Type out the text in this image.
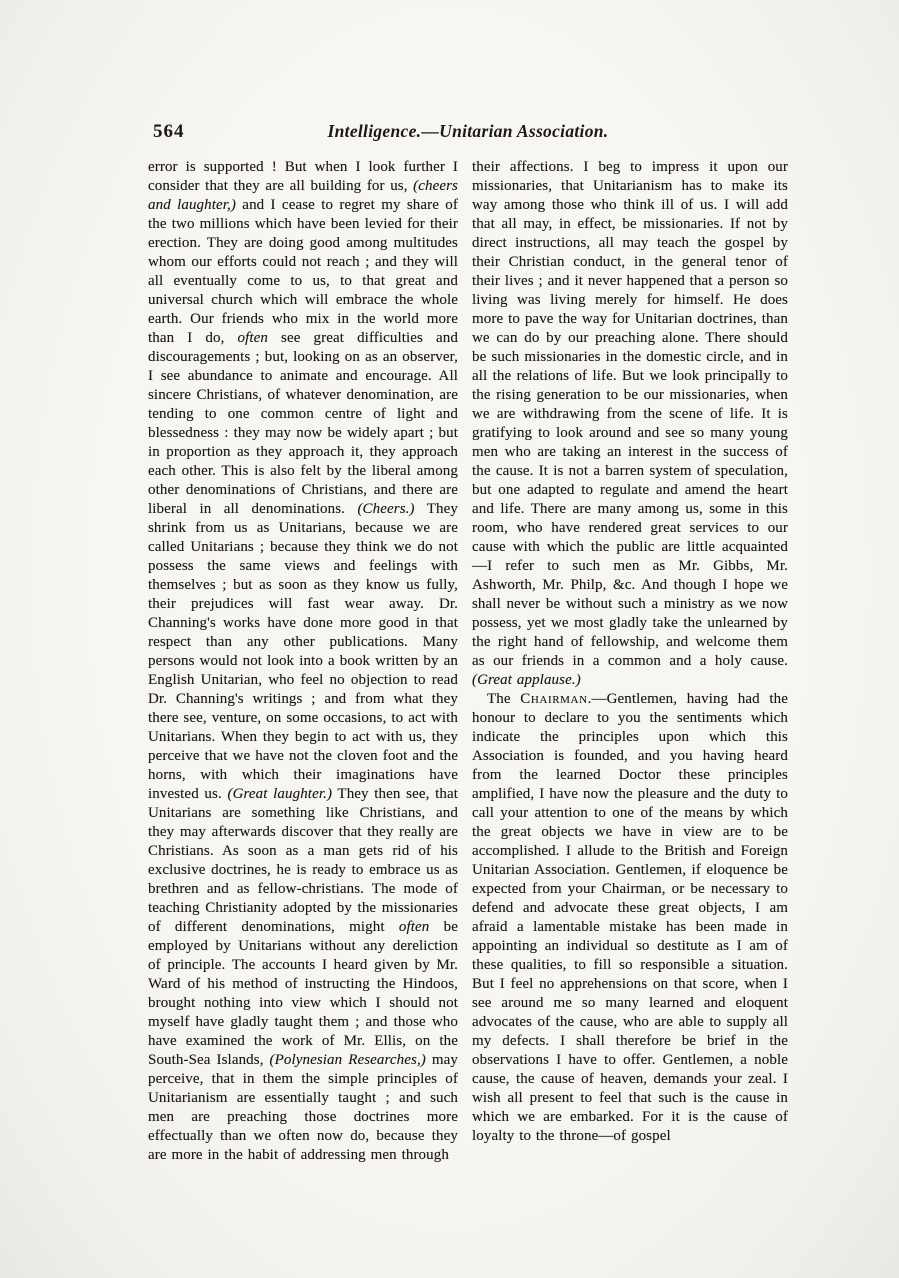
564	Intelligence.—Unitarian Association.

error is supported ! But when I look further I consider that they are all building for us, (cheers and laughter,) and I cease to regret my share of the two millions which have been levied for their erection. They are doing good among multitudes whom our efforts could not reach ; and they will all eventually come to us, to that great and universal church which will embrace the whole earth. Our friends who mix in the world more than I do, often see great difficulties and discouragements ; but, looking on as an observer, I see abundance to animate and encourage. All sincere Christians, of whatever denomination, are tending to one common centre of light and blessedness : they may now be widely apart ; but in proportion as they approach it, they approach each other. This is also felt by the liberal among other denominations of Christians, and there are liberal in all denominations. (Cheers.) They shrink from us as Unitarians, because we are called Unitarians ; because they think we do not possess the same views and feelings with themselves ; but as soon as they know us fully, their prejudices will fast wear away. Dr. Channing's works have done more good in that respect than any other publications. Many persons would not look into a book written by an English Unitarian, who feel no objection to read Dr. Channing's writings ; and from what they there see, venture, on some occasions, to act with Unitarians. When they begin to act with us, they perceive that we have not the cloven foot and the horns, with which their imaginations have invested us. (Great laughter.) They then see, that Unitarians are something like Christians, and they may afterwards discover that they really are Christians. As soon as a man gets rid of his exclusive doctrines, he is ready to embrace us as brethren and as fellow-christians. The mode of teaching Christianity adopted by the missionaries of different denominations, might often be employed by Unitarians without any dereliction of principle. The accounts I heard given by Mr. Ward of his method of instructing the Hindoos, brought nothing into view which I should not myself have gladly taught them ; and those who have examined the work of Mr. Ellis, on the South-Sea Islands, (Polynesian Researches,) may perceive, that in them the simple principles of Unitarianism are essentially taught ; and such men are preaching those doctrines more effectually than we often now do, because they are more in the habit of addressing men through

their affections. I beg to impress it upon our missionaries, that Unitarianism has to make its way among those who think ill of us. I will add that all may, in effect, be missionaries. If not by direct instructions, all may teach the gospel by their Christian conduct, in the general tenor of their lives ; and it never happened that a person so living was living merely for himself. He does more to pave the way for Unitarian doctrines, than we can do by our preaching alone. There should be such missionaries in the domestic circle, and in all the relations of life. But we look principally to the rising generation to be our missionaries, when we are withdrawing from the scene of life. It is gratifying to look around and see so many young men who are taking an interest in the success of the cause. It is not a barren system of speculation, but one adapted to regulate and amend the heart and life. There are many among us, some in this room, who have rendered great services to our cause with which the public are little acquainted—I refer to such men as Mr. Gibbs, Mr. Ashworth, Mr. Philp, &c. And though I hope we shall never be without such a ministry as we now possess, yet we most gladly take the unlearned by the right hand of fellowship, and welcome them as our friends in a common and a holy cause. (Great applause.)

The Chairman.—Gentlemen, having had the honour to declare to you the sentiments which indicate the principles upon which this Association is founded, and you having heard from the learned Doctor these principles amplified, I have now the pleasure and the duty to call your attention to one of the means by which the great objects we have in view are to be accomplished. I allude to the British and Foreign Unitarian Association. Gentlemen, if eloquence be expected from your Chairman, or be necessary to defend and advocate these great objects, I am afraid a lamentable mistake has been made in appointing an individual so destitute as I am of these qualities, to fill so responsible a situation. But I feel no apprehensions on that score, when I see around me so many learned and eloquent advocates of the cause, who are able to supply all my defects. I shall therefore be brief in the observations I have to offer. Gentlemen, a noble cause, the cause of heaven, demands your zeal. I wish all present to feel that such is the cause in which we are embarked. For it is the cause of loyalty to the throne—of gospel
